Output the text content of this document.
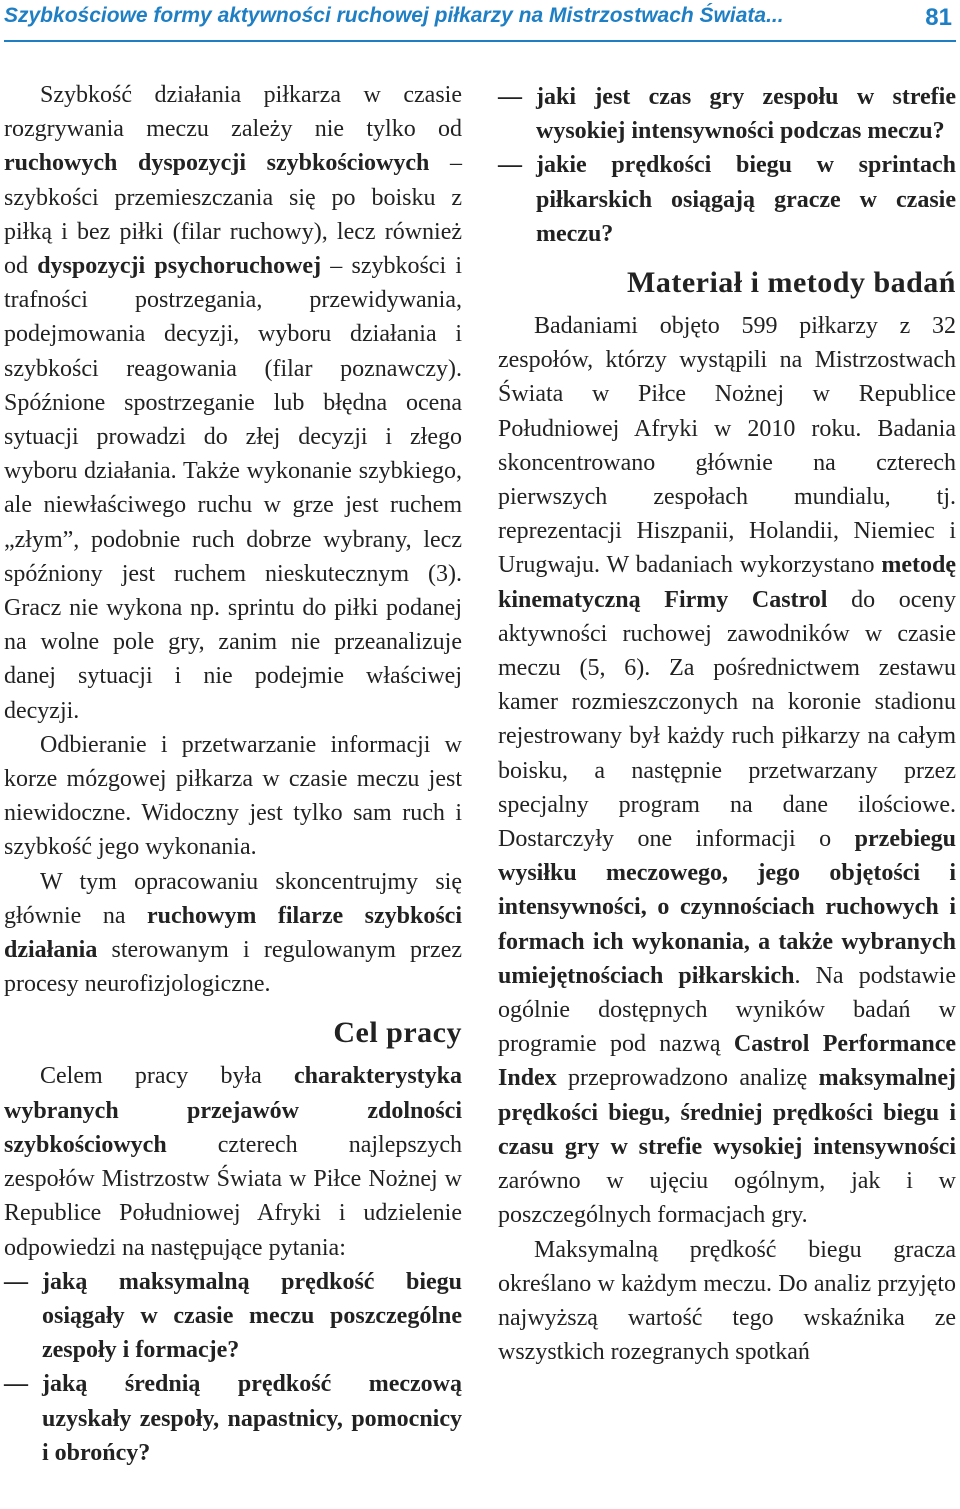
Szybkościowe formy aktywności ruchowej piłkarzy na Mistrzostwach Świata...	81

Szybkość działania piłkarza w czasie rozgrywania meczu zależy nie tylko od ruchowych dyspozycji szybkościowych – szybkości przemieszczania się po boisku z piłką i bez piłki (filar ruchowy), lecz również od dyspozycji psychoruchowej – szybkości i trafności postrzegania, przewidywania, podejmowania decyzji, wyboru działania i szybkości reagowania (filar poznawczy). Spóźnione spostrzeganie lub błędna ocena sytuacji prowadzi do złej decyzji i złego wyboru działania. Także wykonanie szybkiego, ale niewłaściwego ruchu w grze jest ruchem „złym”, podobnie ruch dobrze wybrany, lecz spóźniony jest ruchem nieskutecznym (3). Gracz nie wykona np. sprintu do piłki podanej na wolne pole gry, zanim nie przeanalizuje danej sytuacji i nie podejmie właściwej decyzji.

Odbieranie i przetwarzanie informacji w korze mózgowej piłkarza w czasie meczu jest niewidoczne. Widoczny jest tylko sam ruch i szybkość jego wykonania.

W tym opracowaniu skoncentrujmy się głównie na ruchowym filarze szybkości działania sterowanym i regulowanym przez procesy neurofizjologiczne.

Cel pracy

Celem pracy była charakterystyka wybranych przejawów zdolności szybkościowych czterech najlepszych zespołów Mistrzostw Świata w Piłce Nożnej w Republice Południowej Afryki i udzielenie odpowiedzi na następujące pytania:

— jaką maksymalną prędkość biegu osiągały w czasie meczu poszczególne zespoły i formacje?
— jaką średnią prędkość meczową uzyskały zespoły, napastnicy, pomocnicy i obrońcy?
— jaki jest czas gry zespołu w strefie wysokiej intensywności podczas meczu?
— jakie prędkości biegu w sprintach piłkarskich osiągają gracze w czasie meczu?
Materiał i metody badań

Badaniami objęto 599 piłkarzy z 32 zespołów, którzy wystąpili na Mistrzostwach Świata w Piłce Nożnej w Republice Południowej Afryki w 2010 roku. Badania skoncentrowano głównie na czterech pierwszych zespołach mundialu, tj. reprezentacji Hiszpanii, Holandii, Niemiec i Urugwaju. W badaniach wykorzystano metodę kinematyczną Firmy Castrol do oceny aktywności ruchowej zawodników w czasie meczu (5, 6). Za pośrednictwem zestawu kamer rozmieszczonych na koronie stadionu rejestrowany był każdy ruch piłkarzy na całym boisku, a następnie przetwarzany przez specjalny program na dane ilościowe. Dostarczyły one informacji o przebiegu wysiłku meczowego, jego objętości i intensywności, o czynnościach ruchowych i formach ich wykonania, a także wybranych umiejętnościach piłkarskich. Na podstawie ogólnie dostępnych wyników badań w programie pod nazwą Castrol Performance Index przeprowadzono analizę maksymalnej prędkości biegu, średniej prędkości biegu i czasu gry w strefie wysokiej intensywności zarówno w ujęciu ogólnym, jak i w poszczególnych formacjach gry.

Maksymalną prędkość biegu gracza określano w każdym meczu. Do analiz przyjęto najwyższą wartość tego wskaźnika ze wszystkich rozegranych spotkań
